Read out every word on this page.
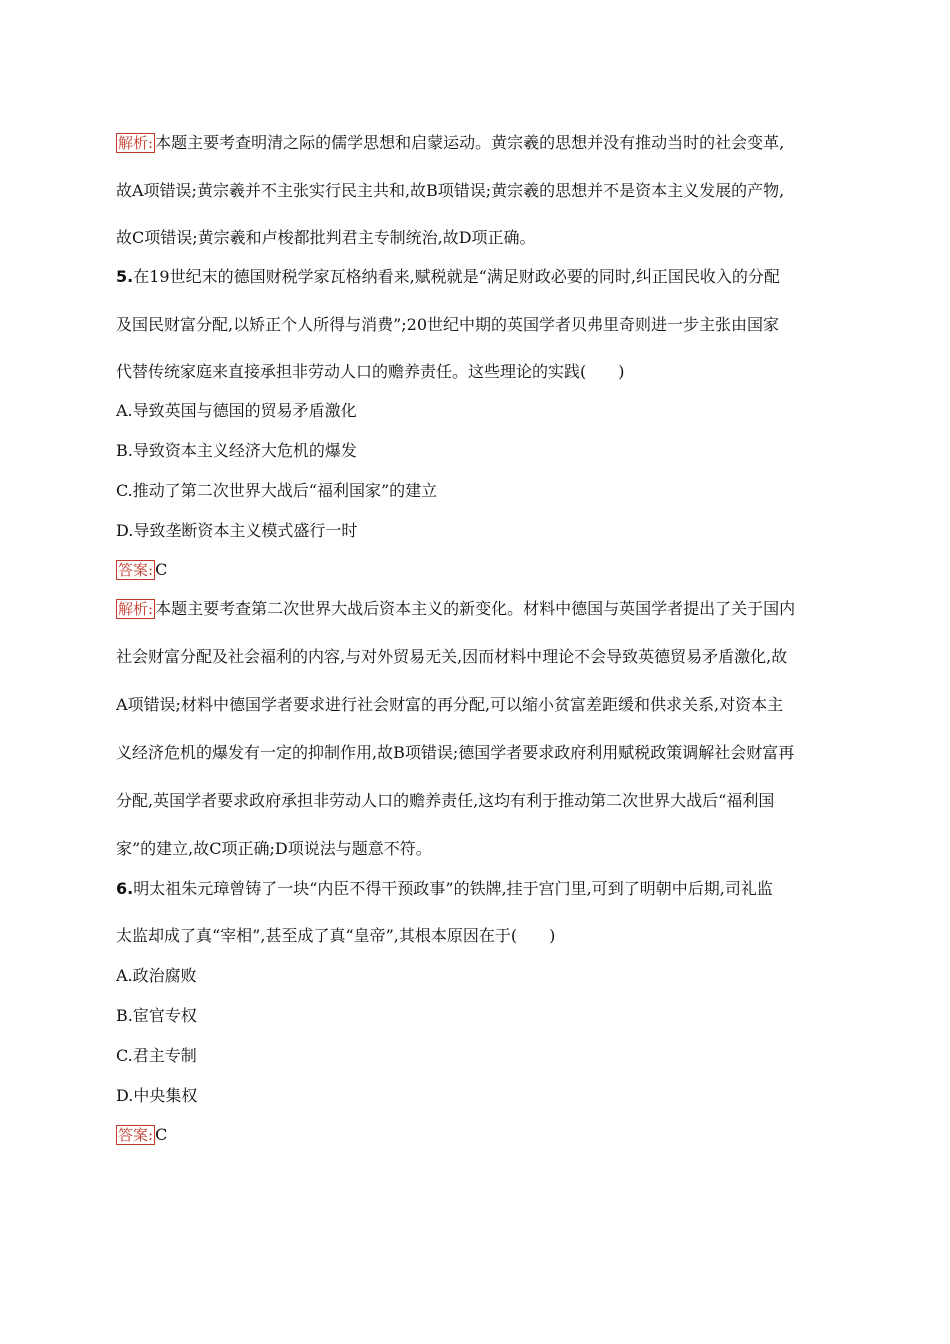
解析: 本题主要考查明清之际的儒学思想和启蒙运动。黄宗羲的思想并没有推动当时的社会变革,
故A项错误;黄宗羲并不主张实行民主共和,故B项错误;黄宗羲的思想并不是资本主义发展的产物,
故C项错误;黄宗羲和卢梭都批判君主专制统治,故D项正确。
5.在19世纪末的德国财税学家瓦格纳看来,赋税就是“满足财政必要的同时,纠正国民收入的分配
及国民财富分配,以矫正个人所得与消费”;20世纪中期的英国学者贝弗里奇则进一步主张由国家
代替传统家庭来直接承担非劳动人口的赡养责任。这些理论的实践(　　)
A.导致英国与德国的贸易矛盾激化
B.导致资本主义经济大危机的爆发
C.推动了第二次世界大战后“福利国家”的建立
D.导致垄断资本主义模式盛行一时
答案: C
解析: 本题主要考查第二次世界大战后资本主义的新变化。材料中德国与英国学者提出了关于国内
社会财富分配及社会福利的内容,与对外贸易无关,因而材料中理论不会导致英德贸易矛盾激化,故
A项错误;材料中德国学者要求进行社会财富的再分配,可以缩小贫富差距缓和供求关系,对资本主
义经济危机的爆发有一定的抑制作用,故B项错误;德国学者要求政府利用赋税政策调解社会财富再
分配,英国学者要求政府承担非劳动人口的赡养责任,这均有利于推动第二次世界大战后“福利国
家”的建立,故C项正确;D项说法与题意不符。
6.明太祖朱元璋曾铸了一块“内臣不得干预政事”的铁牌,挂于宫门里,可到了明朝中后期,司礼监
太监却成了真“宰相”,甚至成了真“皇帝”,其根本原因在于(　　)
A.政治腐败
B.宦官专权
C.君主专制
D.中央集权
答案: C
